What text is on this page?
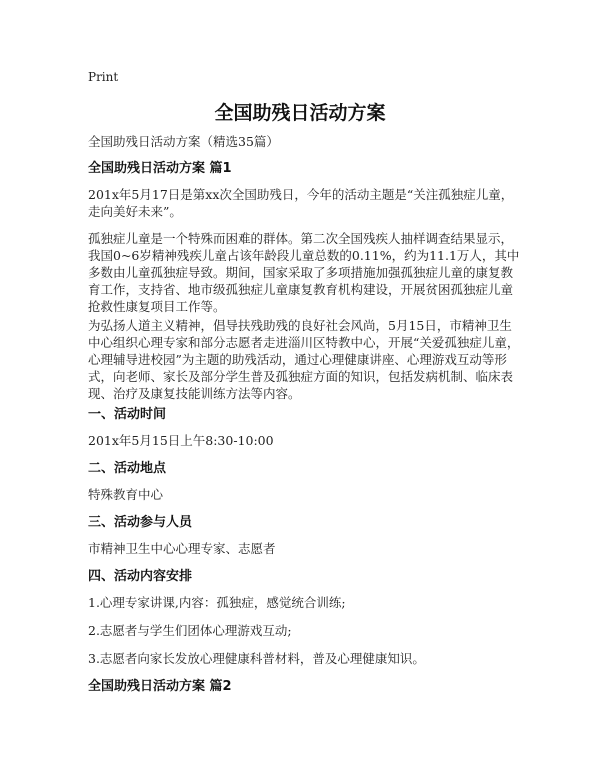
Print
全国助残日活动方案
全国助残日活动方案（精选35篇）
全国助残日活动方案 篇1
201x年5月17日是第xx次全国助残日，今年的活动主题是“关注孤独症儿童，走向美好未来”。
孤独症儿童是一个特殊而困难的群体。第二次全国残疾人抽样调查结果显示，我国0~6岁精神残疾儿童占该年龄段儿童总数的0.11%，约为11.1万人，其中多数由儿童孤独症导致。期间，国家采取了多项措施加强孤独症儿童的康复教育工作，支持省、地市级孤独症儿童康复教育机构建设，开展贫困孤独症儿童抢救性康复项目工作等。
为弘扬人道主义精神，倡导扶残助残的良好社会风尚，5月15日，市精神卫生中心组织心理专家和部分志愿者走进淄川区特教中心，开展“关爱孤独症儿童，心理辅导进校园”为主题的助残活动，通过心理健康讲座、心理游戏互动等形式，向老师、家长及部分学生普及孤独症方面的知识，包括发病机制、临床表现、治疗及康复技能训练方法等内容。
一、活动时间
201x年5月15日上午8:30-10:00
二、活动地点
特殊教育中心
三、活动参与人员
市精神卫生中心心理专家、志愿者
四、活动内容安排
1.心理专家讲课,内容：孤独症，感觉统合训练;
2.志愿者与学生们团体心理游戏互动;
3.志愿者向家长发放心理健康科普材料，普及心理健康知识。
全国助残日活动方案 篇2
